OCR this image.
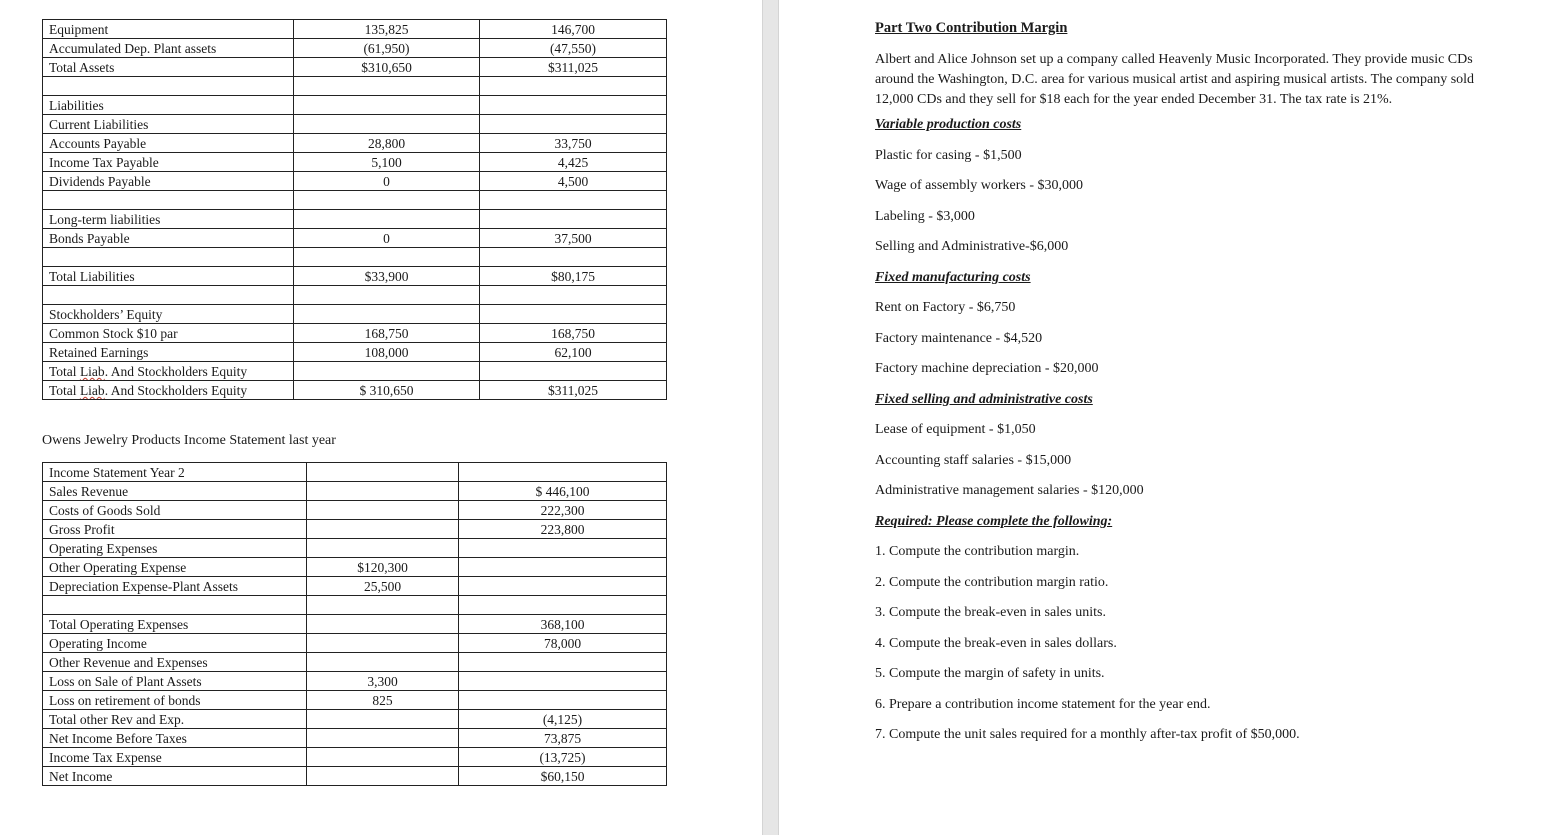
Equipment	135,825	146,700
Accumulated Dep. Plant assets	(61,950)	(47,550)
Total Assets	$310,650	$311,025

Liabilities		
Current Liabilities		
Accounts Payable	28,800	33,750
Income Tax Payable	5,100	4,425
Dividends Payable	0	4,500

Long-term liabilities		
Bonds Payable	0	37,500

Total Liabilities	$33,900	$80,175

Stockholders’ Equity		
Common Stock $10 par	168,750	168,750
Retained Earnings	108,000	62,100
Total Liab. And Stockholders Equity		
Total Liab. And Stockholders Equity	$ 310,650	$311,025
Owens Jewelry Products Income Statement last year
Income Statement Year 2		
Sales Revenue		$ 446,100
Costs of Goods Sold		222,300
Gross Profit		223,800
Operating Expenses		
Other Operating Expense	$120,300	
Depreciation Expense-Plant Assets	25,500	

Total Operating Expenses		368,100
Operating Income		78,000
Other Revenue and Expenses		
Loss on Sale of Plant Assets	3,300	
Loss on retirement of bonds	825	
Total other Rev and Exp.		(4,125)
Net Income Before Taxes		73,875
Income Tax Expense		(13,725)
Net Income		$60,150
Part Two Contribution Margin
Albert and Alice Johnson set up a company called Heavenly Music Incorporated. They provide music CDs around the Washington, D.C. area for various musical artist and aspiring musical artists. The company sold 12,000 CDs and they sell for $18 each for the year ended December 31. The tax rate is 21%.
Variable production costs
Plastic for casing - $1,500
Wage of assembly workers - $30,000
Labeling - $3,000
Selling and Administrative-$6,000
Fixed manufacturing costs
Rent on Factory - $6,750
Factory maintenance - $4,520
Factory machine depreciation - $20,000
Fixed selling and administrative costs
Lease of equipment - $1,050
Accounting staff salaries - $15,000
Administrative management salaries - $120,000
Required: Please complete the following:
1. Compute the contribution margin.
2. Compute the contribution margin ratio.
3. Compute the break-even in sales units.
4. Compute the break-even in sales dollars.
5. Compute the margin of safety in units.
6. Prepare a contribution income statement for the year end.
7. Compute the unit sales required for a monthly after-tax profit of $50,000.
